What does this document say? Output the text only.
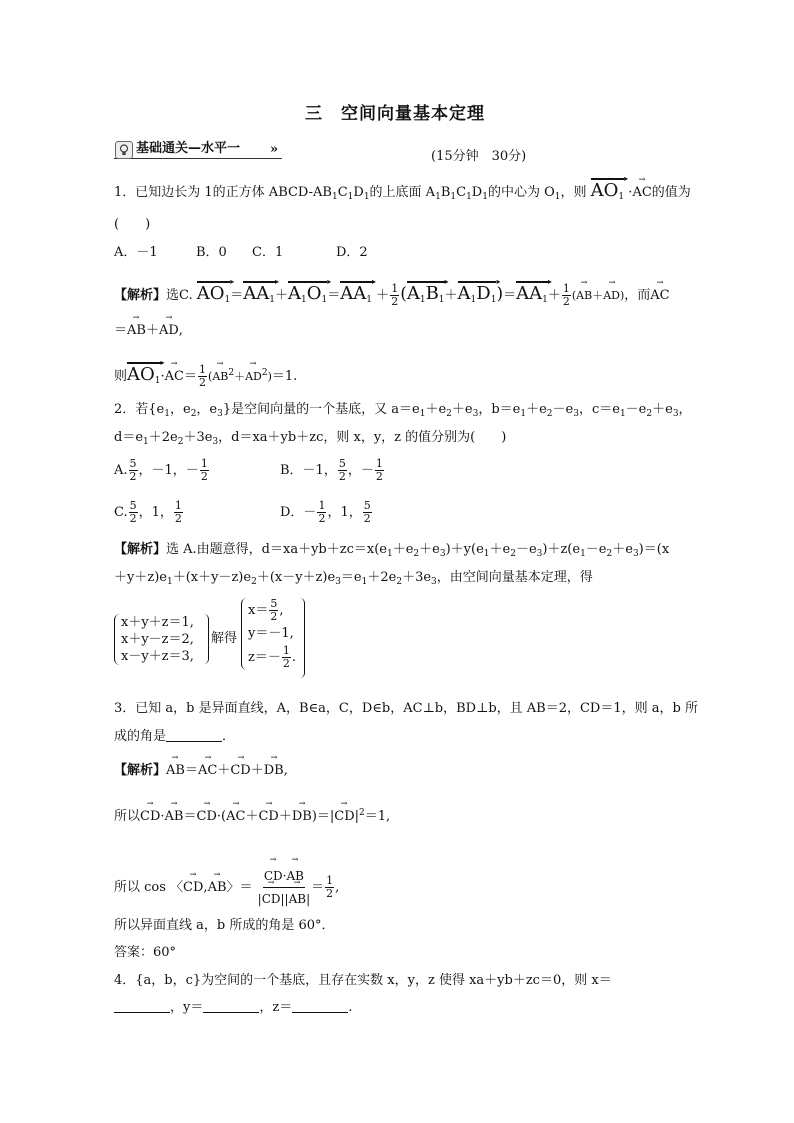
三　空间向量基本定理
基础通关—水平一 »	(15分钟　30分)
1．已知边长为 1的正方体 ABCD-$AB_1C_1D_1$的上底面 $A_1B_1C_1D_1$的中心为 $O_1$，则 $AO_1$ ▸ ·→ AC的值为
(　　)
A．－1	B．0 C．1	D．2
【解析】选C. $AO_1$ $▸=AA_1$ $▸+A_1O_1$ $▸=AA_1$ ▸ ＋ $\frac{1}{2} (A_1B_1$ $▸+A_1D_1$ $▸)=AA_1$ ▸＋ $\frac{1}{2}$ (→ AB＋→ AD)，而→ AC
＝→ AB＋→ AD,
则$AO_1$ ▸·→ $AC= \frac{1}{2}$ (→ $AB^2+\to AD^2)=1$.
2．若{$e_1$，$e_2$，$e_3$}是空间向量的一个基底，又 $a=e_1+e_2+e_3$，$b=e_1+e_2-e_3$，$c=e_1-e_2+e_3$，
$d=e_1+2e_2+3e_3$，d＝xa＋yb＋zc，则 x，y，z 的值分别为(　　)
A. $\frac{5}{2}$ ，－1，－ $\frac{1}{2}$	B．－1， $\frac{5}{2}$ ，－ $\frac{1}{2}$
C. $\frac{5}{2}$ ，1， $\frac{1}{2}$	D．－ $\frac{1}{2}$ ，1， $\frac{5}{2}$
【解析】选 A.由题意得，$d=xa+yb+zc=x(e_1+e_2+e_3)+y(e_1+e_2-e_3)+z(e_1-e_2+e_3)=(x$
$+y+z)e_1+(x+y-z)e_2+(x-y+z)e_3=e_1+2e_2+3e_3$，由空间向量基本定理，得
x＋y＋z＝1,
x＋y－z＝2,
x－y＋z＝3,
解得
$x= \frac{5}{2}$ ,
y＝－1,
$z=- \frac{1}{2}$ .
3．已知 a，b 是异面直线，A，B∈a，C，D∈b，AC⊥b，BD⊥b，且 AB＝2，CD＝1，则 a，b 所
成的角是	．
【解析】→ AB＝→ AC＋→ CD＋→ DB,
所以→ $CD\cdot\to AB=\to CD\cdot(\to AC+\to CD+\to DB)=|\to CD|^2=1$,
所以 cos 〈→ CD,→ AB〉＝
→ $\frac{CD\cdot\to AB}{|\to CD||\to AB|} = \frac{1}{2}$ ,
所以异面直线 a，b 所成的角是 60°．
答案：60°
4．{a，b，c}为空间的一个基底，且存在实数 x，y，z 使得 xa＋yb＋zc＝0，则 x＝
，y＝	，z＝	.
